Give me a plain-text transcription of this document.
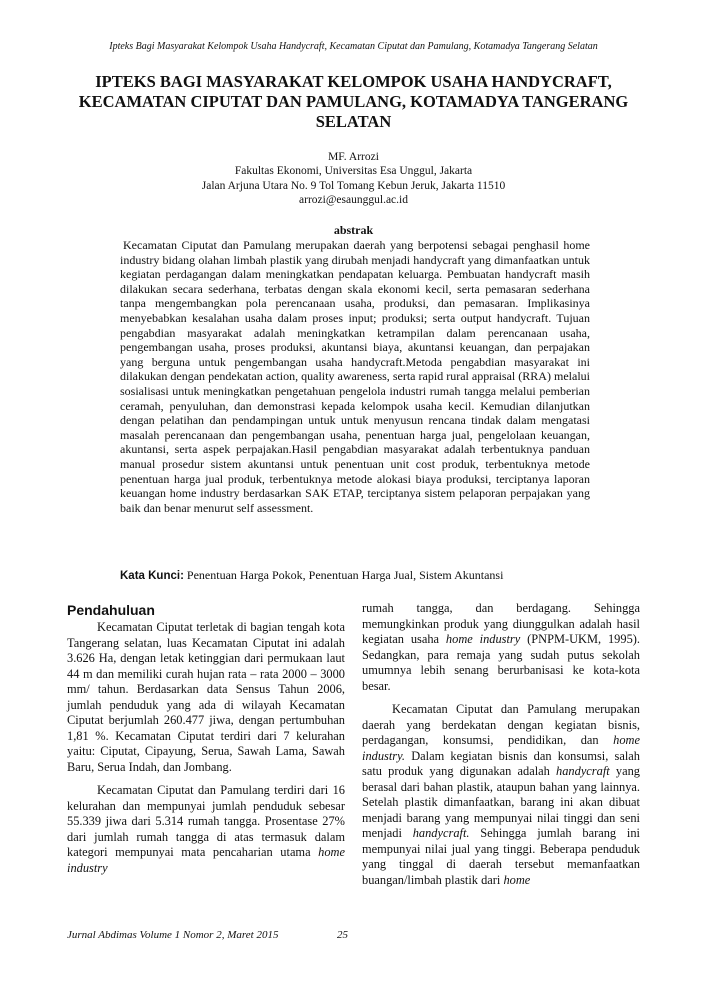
Ipteks Bagi Masyarakat Kelompok Usaha Handycraft, Kecamatan Ciputat dan Pamulang, Kotamadya Tangerang Selatan
IPTEKS BAGI MASYARAKAT KELOMPOK USAHA HANDYCRAFT,
KECAMATAN CIPUTAT DAN PAMULANG, KOTAMADYA TANGERANG
SELATAN
MF. Arrozi
Fakultas Ekonomi, Universitas Esa Unggul, Jakarta
Jalan Arjuna Utara No. 9 Tol Tomang Kebun Jeruk, Jakarta 11510
arrozi@esaunggul.ac.id
abstrak

Kecamatan Ciputat dan Pamulang merupakan daerah yang berpotensi sebagai penghasil home industry bidang olahan limbah plastik yang dirubah menjadi handycraft yang dimanfaatkan untuk kegiatan perdagangan dalam meningkatkan pendapatan keluarga. Pembuatan handycraft masih dilakukan secara sederhana, terbatas dengan skala ekonomi kecil, serta pemasaran sederhana tanpa mengembangkan pola perencanaan usaha, produksi, dan pemasaran. Implikasinya menyebabkan kesalahan usaha dalam proses input; produksi; serta output handycraft. Tujuan pengabdian masyarakat adalah meningkatkan ketrampilan dalam perencanaan usaha, pengembangan usaha, proses produksi, akuntansi biaya, akuntansi keuangan, dan perpajakan yang berguna untuk pengembangan usaha handycraft.Metoda pengabdian masyarakat ini dilakukan dengan pendekatan action, quality awareness, serta rapid rural appraisal (RRA) melalui sosialisasi untuk meningkatkan pengetahuan pengelola industri rumah tangga melalui pemberian ceramah, penyuluhan, dan demonstrasi kepada kelompok usaha kecil. Kemudian dilanjutkan dengan pelatihan dan pendampingan untuk untuk menyusun rencana tindak dalam mengatasi masalah perencanaan dan pengembangan usaha, penentuan harga jual, pengelolaan keuangan, akuntansi, serta aspek perpajakan.Hasil pengabdian masyarakat adalah terbentuknya panduan manual prosedur sistem akuntansi untuk penentuan unit cost produk, terbentuknya metode penentuan harga jual produk, terbentuknya metode alokasi biaya produksi, terciptanya laporan keuangan home industry berdasarkan SAK ETAP, terciptanya sistem pelaporan perpajakan yang baik dan benar menurut self assessment.

Kata Kunci: Penentuan Harga Pokok, Penentuan Harga Jual, Sistem Akuntansi
Pendahuluan

Kecamatan Ciputat terletak di bagian tengah kota Tangerang selatan, luas Kecamatan Ciputat ini adalah 3.626 Ha, dengan letak ketinggian dari permukaan laut 44 m dan memiliki curah hujan rata – rata 2000 – 3000 mm/ tahun. Berdasarkan data Sensus Tahun 2006, jumlah penduduk yang ada di wilayah Kecamatan Ciputat berjumlah 260.477 jiwa, dengan pertumbuhan 1,81 %. Kecamatan Ciputat terdiri dari 7 kelurahan yaitu: Ciputat, Cipayung, Serua, Sawah Lama, Sawah Baru, Serua Indah, dan Jombang.

Kecamatan Ciputat dan Pamulang terdiri dari 16 kelurahan dan mempunyai jumlah penduduk sebesar 55.339 jiwa dari 5.314 rumah tangga. Prosentase 27% dari jumlah rumah tangga di atas termasuk dalam kategori mempunyai mata pencaharian utama home industry

rumah tangga, dan berdagang. Sehingga memungkinkan produk yang diunggulkan adalah hasil kegiatan usaha home industry (PNPM-UKM, 1995). Sedangkan, para remaja yang sudah putus sekolah umumnya lebih senang berurbanisasi ke kota-kota besar.

Kecamatan Ciputat dan Pamulang merupakan daerah yang berdekatan dengan kegiatan bisnis, perdagangan, konsumsi, pendidikan, dan home industry. Dalam kegiatan bisnis dan konsumsi, salah satu produk yang digunakan adalah handycraft yang berasal dari bahan plastik, ataupun bahan yang lainnya. Setelah plastik dimanfaatkan, barang ini akan dibuat menjadi barang yang mempunyai nilai tinggi dan seni menjadi handycraft. Sehingga jumlah barang ini mempunyai nilai jual yang tinggi. Beberapa penduduk yang tinggal di daerah tersebut memanfaatkan buangan/limbah plastik dari home

Jurnal Abdimas Volume 1 Nomor 2, Maret 2015	25
